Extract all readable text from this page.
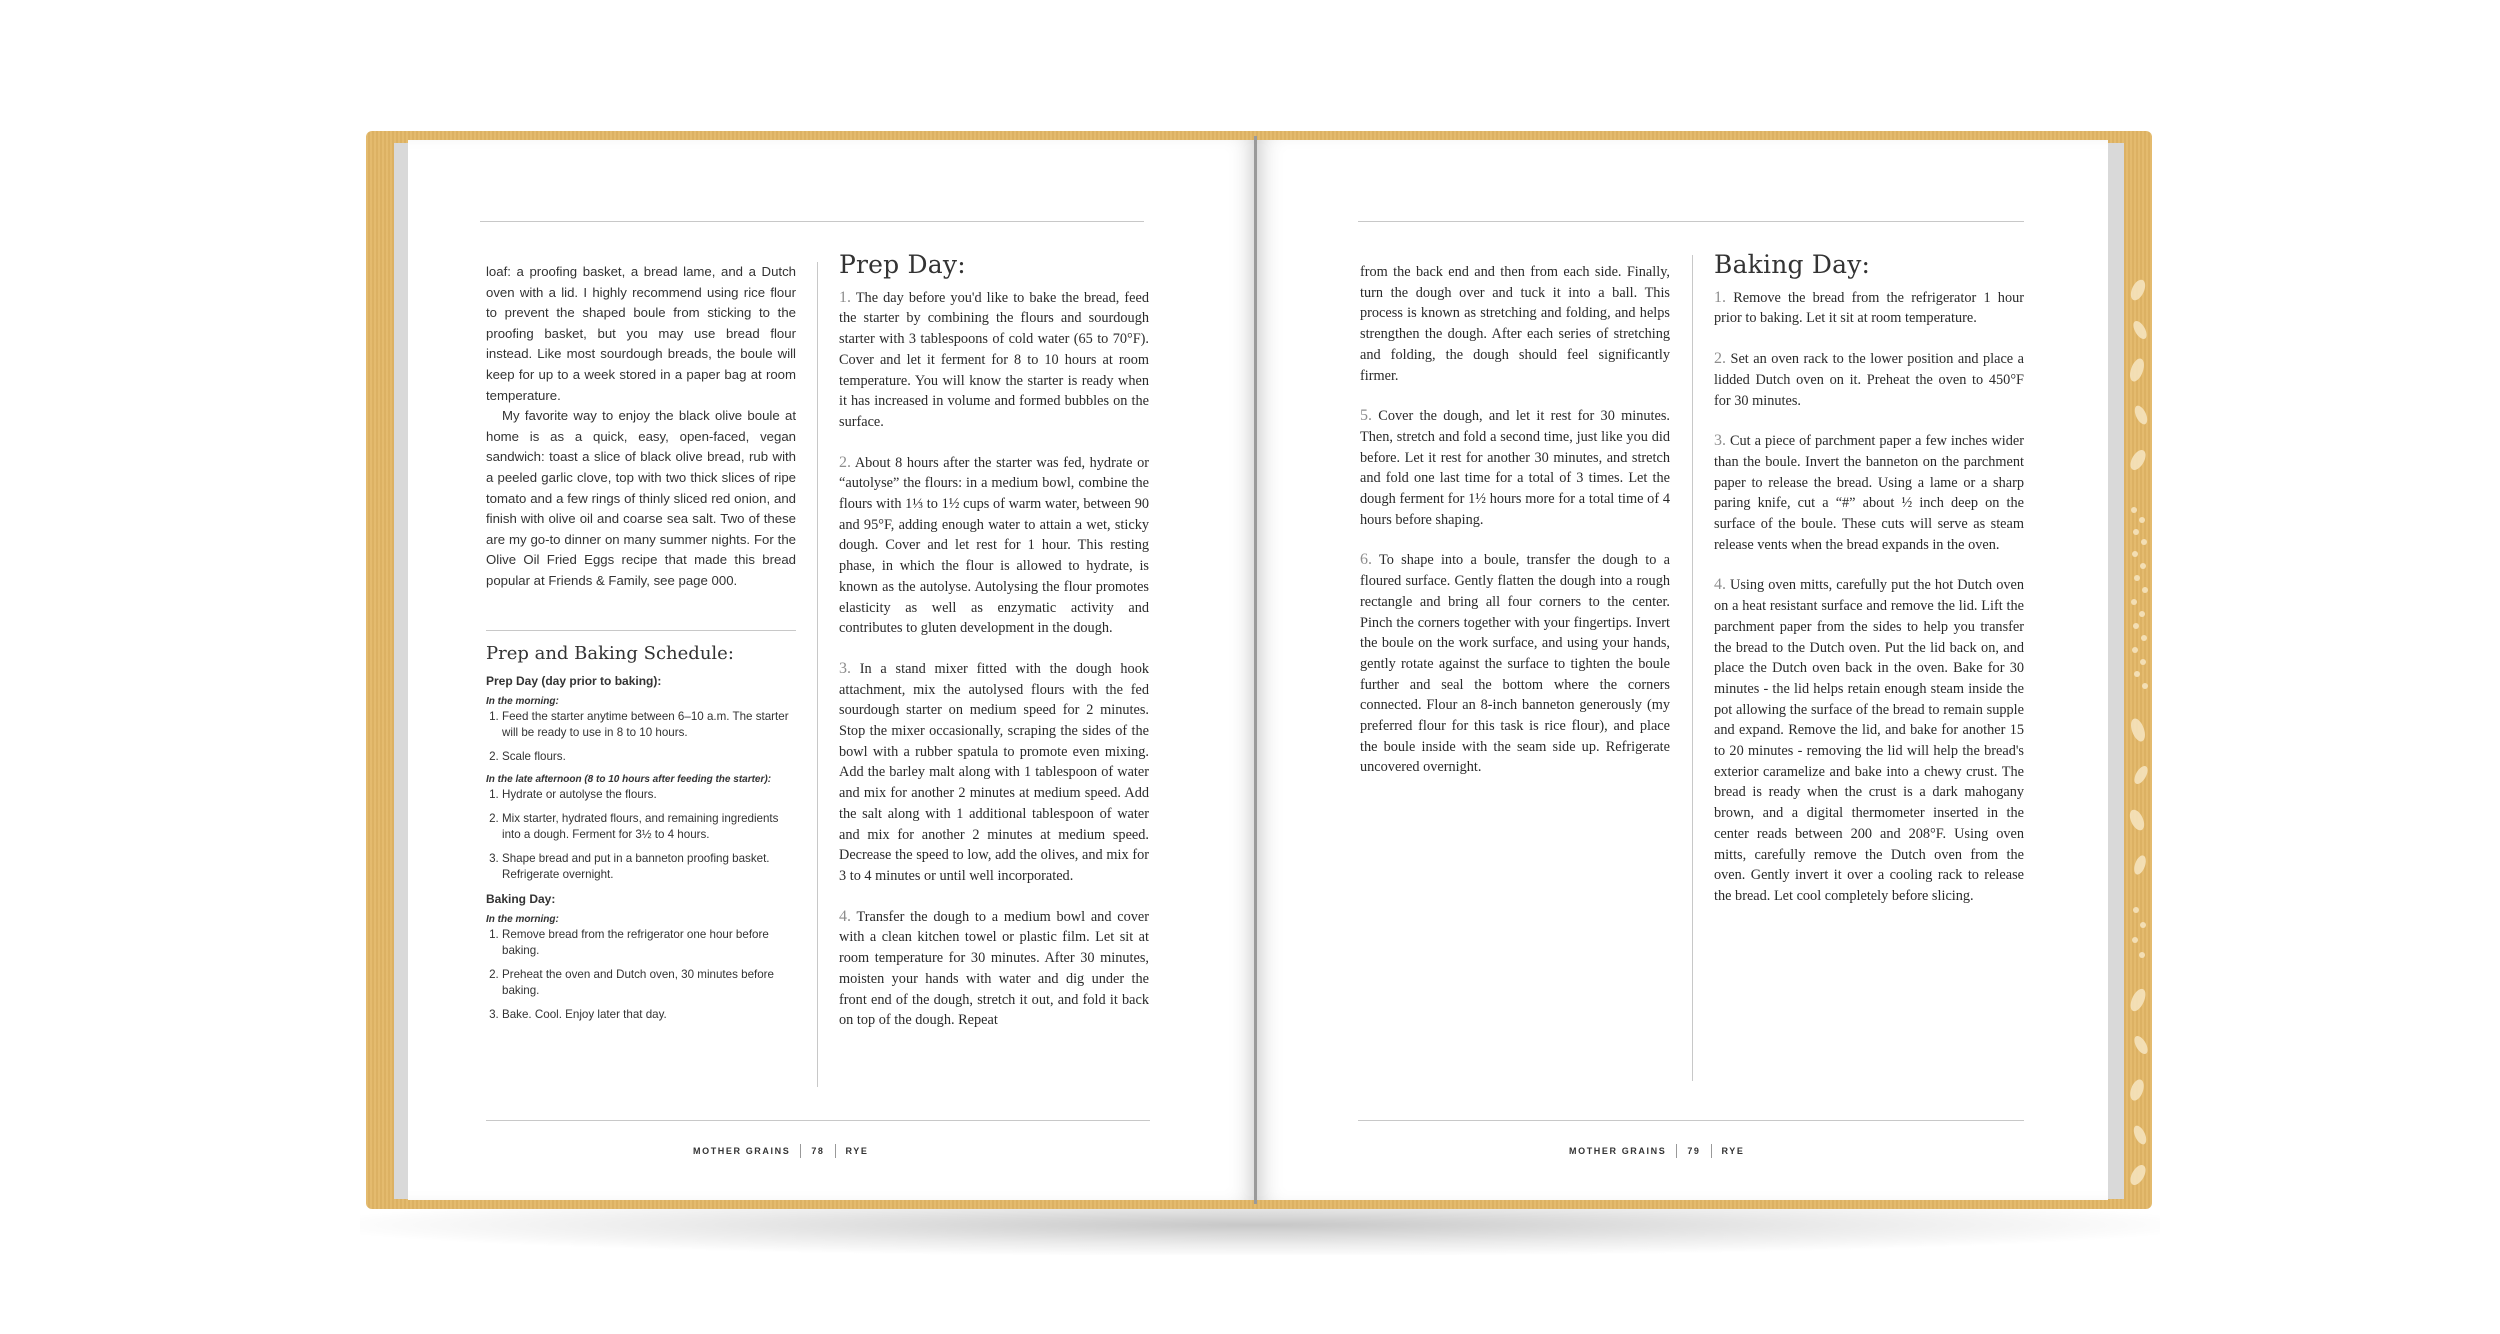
loaf: a proofing basket, a bread lame, and a Dutch oven with a lid. I highly recommend using rice flour to prevent the shaped boule from sticking to the proofing basket, but you may use bread flour instead. Like most sourdough breads, the boule will keep for up to a week stored in a paper bag at room temperature.

My favorite way to enjoy the black olive boule at home is as a quick, easy, open-faced, vegan sandwich: toast a slice of black olive bread, rub with a peeled garlic clove, top with two thick slices of ripe tomato and a few rings of thinly sliced red onion, and finish with olive oil and coarse sea salt. Two of these are my go-to dinner on many summer nights. For the Olive Oil Fried Eggs recipe that made this bread popular at Friends & Family, see page 000.

Prep and Baking Schedule:
Prep Day (day prior to baking):
In the morning:
1. Feed the starter anytime between 6–10 a.m. The starter will be ready to use in 8 to 10 hours.
2. Scale flours.
In the late afternoon (8 to 10 hours after feeding the starter):
1. Hydrate or autolyse the flours.
2. Mix starter, hydrated flours, and remaining ingredients into a dough. Ferment for 3½ to 4 hours.
3. Shape bread and put in a banneton proofing basket. Refrigerate overnight.
Baking Day:
In the morning:
1. Remove bread from the refrigerator one hour before baking.
2. Preheat the oven and Dutch oven, 30 minutes before baking.
3. Bake. Cool. Enjoy later that day.
Prep Day:

1. The day before you'd like to bake the bread, feed the starter by combining the flours and sourdough starter with 3 tablespoons of cold water (65 to 70°F). Cover and let it ferment for 8 to 10 hours at room temperature. You will know the starter is ready when it has increased in volume and formed bubbles on the surface.

2. About 8 hours after the starter was fed, hydrate or “autolyse” the flours: in a medium bowl, combine the flours with 1⅓ to 1½ cups of warm water, between 90 and 95°F, adding enough water to attain a wet, sticky dough. Cover and let rest for 1 hour. This resting phase, in which the flour is allowed to hydrate, is known as the autolyse. Autolysing the flour promotes elasticity as well as enzymatic activity and contributes to gluten development in the dough.

3. In a stand mixer fitted with the dough hook attachment, mix the autolysed flours with the fed sourdough starter on medium speed for 2 minutes. Stop the mixer occasionally, scraping the sides of the bowl with a rubber spatula to promote even mixing. Add the barley malt along with 1 tablespoon of water and mix for another 2 minutes at medium speed. Add the salt along with 1 additional tablespoon of water and mix for another 2 minutes at medium speed. Decrease the speed to low, add the olives, and mix for 3 to 4 minutes or until well incorporated.

4. Transfer the dough to a medium bowl and cover with a clean kitchen towel or plastic film. Let sit at room temperature for 30 minutes. After 30 minutes, moisten your hands with water and dig under the front end of the dough, stretch it out, and fold it back on top of the dough. Repeat

MOTHER GRAINS 78 RYE

from the back end and then from each side. Finally, turn the dough over and tuck it into a ball. This process is known as stretching and folding, and helps strengthen the dough. After each series of stretching and folding, the dough should feel significantly firmer.

5. Cover the dough, and let it rest for 30 minutes. Then, stretch and fold a second time, just like you did before. Let it rest for another 30 minutes, and stretch and fold one last time for a total of 3 times. Let the dough ferment for 1½ hours more for a total time of 4 hours before shaping.

6. To shape into a boule, transfer the dough to a floured surface. Gently flatten the dough into a rough rectangle and bring all four corners to the center. Pinch the corners together with your fingertips. Invert the boule on the work surface, and using your hands, gently rotate against the surface to tighten the boule further and seal the bottom where the corners connected. Flour an 8-inch banneton generously (my preferred flour for this task is rice flour), and place the boule inside with the seam side up. Refrigerate uncovered overnight.

Baking Day:

1. Remove the bread from the refrigerator 1 hour prior to baking. Let it sit at room temperature.

2. Set an oven rack to the lower position and place a lidded Dutch oven on it. Preheat the oven to 450°F for 30 minutes.

3. Cut a piece of parchment paper a few inches wider than the boule. Invert the banneton on the parchment paper to release the bread. Using a lame or a sharp paring knife, cut a “#” about ½ inch deep on the surface of the boule. These cuts will serve as steam release vents when the bread expands in the oven.

4. Using oven mitts, carefully put the hot Dutch oven on a heat resistant surface and remove the lid. Lift the parchment paper from the sides to help you transfer the bread to the Dutch oven. Put the lid back on, and place the Dutch oven back in the oven. Bake for 30 minutes - the lid helps retain enough steam inside the pot allowing the surface of the bread to remain supple and expand. Remove the lid, and bake for another 15 to 20 minutes - removing the lid will help the bread's exterior caramelize and bake into a chewy crust. The bread is ready when the crust is a dark mahogany brown, and a digital thermometer inserted in the center reads between 200 and 208°F. Using oven mitts, carefully remove the Dutch oven from the oven. Gently invert it over a cooling rack to release the bread. Let cool completely before slicing.

MOTHER GRAINS 79 RYE
